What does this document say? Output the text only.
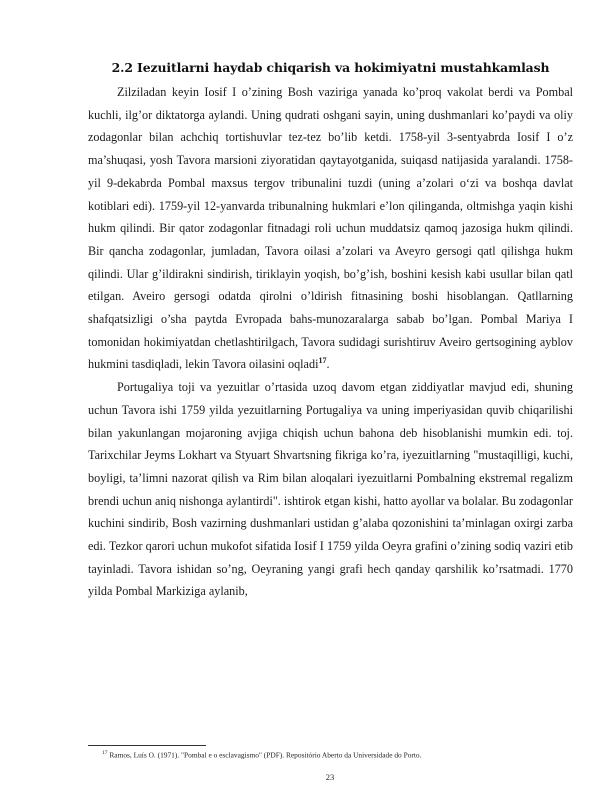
2.2 Iezuitlarni haydab chiqarish va hokimiyatni mustahkamlash

Zilziladan keyin Iosif I o’zining Bosh vaziriga yanada ko’proq vakolat berdi va Pombal kuchli, ilg’or diktatorga aylandi. Uning qudrati oshgani sayin, uning dushmanlari ko’paydi va oliy zodagonlar bilan achchiq tortishuvlar tez-tez bo’lib ketdi. 1758-yil 3-sentyabrda Iosif I o’z ma’shuqasi, yosh Tavora marsioni ziyoratidan qaytayotganida, suiqasd natijasida yaralandi. 1758-yil 9-dekabrda Pombal maxsus tergov tribunalini tuzdi (uning a’zolari o‘zi va boshqa davlat kotiblari edi). 1759-yil 12-yanvarda tribunalning hukmlari e’lon qilinganda, oltmishga yaqin kishi hukm qilindi. Bir qator zodagonlar fitnadagi roli uchun muddatsiz qamoq jazosiga hukm qilindi. Bir qancha zodagonlar, jumladan, Tavora oilasi a’zolari va Aveyro gersogi qatl qilishga hukm qilindi. Ular g’ildirakni sindirish, tiriklayin yoqish, bo’g’ish, boshini kesish kabi usullar bilan qatl etilgan. Aveiro gersogi odatda qirolni o’ldirish fitnasining boshi hisoblangan. Qatllarning shafqatsizligi o’sha paytda Evropada bahs-munozaralarga sabab bo’lgan. Pombal Mariya I tomonidan hokimiyatdan chetlashtirilgach, Tavora sudidagi surishtiruv Aveiro gertsogining ayblov hukmini tasdiqladi, lekin Tavora oilasini oqladi$^{17}$.

Portugaliya toji va yezuitlar o’rtasida uzoq davom etgan ziddiyatlar mavjud edi, shuning uchun Tavora ishi 1759 yilda yezuitlarning Portugaliya va uning imperiyasidan quvib chiqarilishi bilan yakunlangan mojaroning avjiga chiqish uchun bahona deb hisoblanishi mumkin edi. toj. Tarixchilar Jeyms Lokhart va Styuart Shvartsning fikriga ko’ra, iyezuitlarning "mustaqilligi, kuchi, boyligi, ta’limni nazorat qilish va Rim bilan aloqalari iyezuitlarni Pombalning ekstremal regalizm brendi uchun aniq nishonga aylantirdi". ishtirok etgan kishi, hatto ayollar va bolalar. Bu zodagonlar kuchini sindirib, Bosh vazirning dushmanlari ustidan g’alaba qozonishini ta’minlagan oxirgi zarba edi. Tezkor qarori uchun mukofot sifatida Iosif I 1759 yilda Oeyra grafini o’zining sodiq vaziri etib tayinladi. Tavora ishidan so’ng, Oeyraning yangi grafi hech qanday qarshilik ko’rsatmadi. 1770 yilda Pombal Markiziga aylanib,

$^{17}$ Ramos, Luís O. (1971). "Pombal e o esclavagismo" (PDF). Repositório Aberto da Universidade do Porto.
23
